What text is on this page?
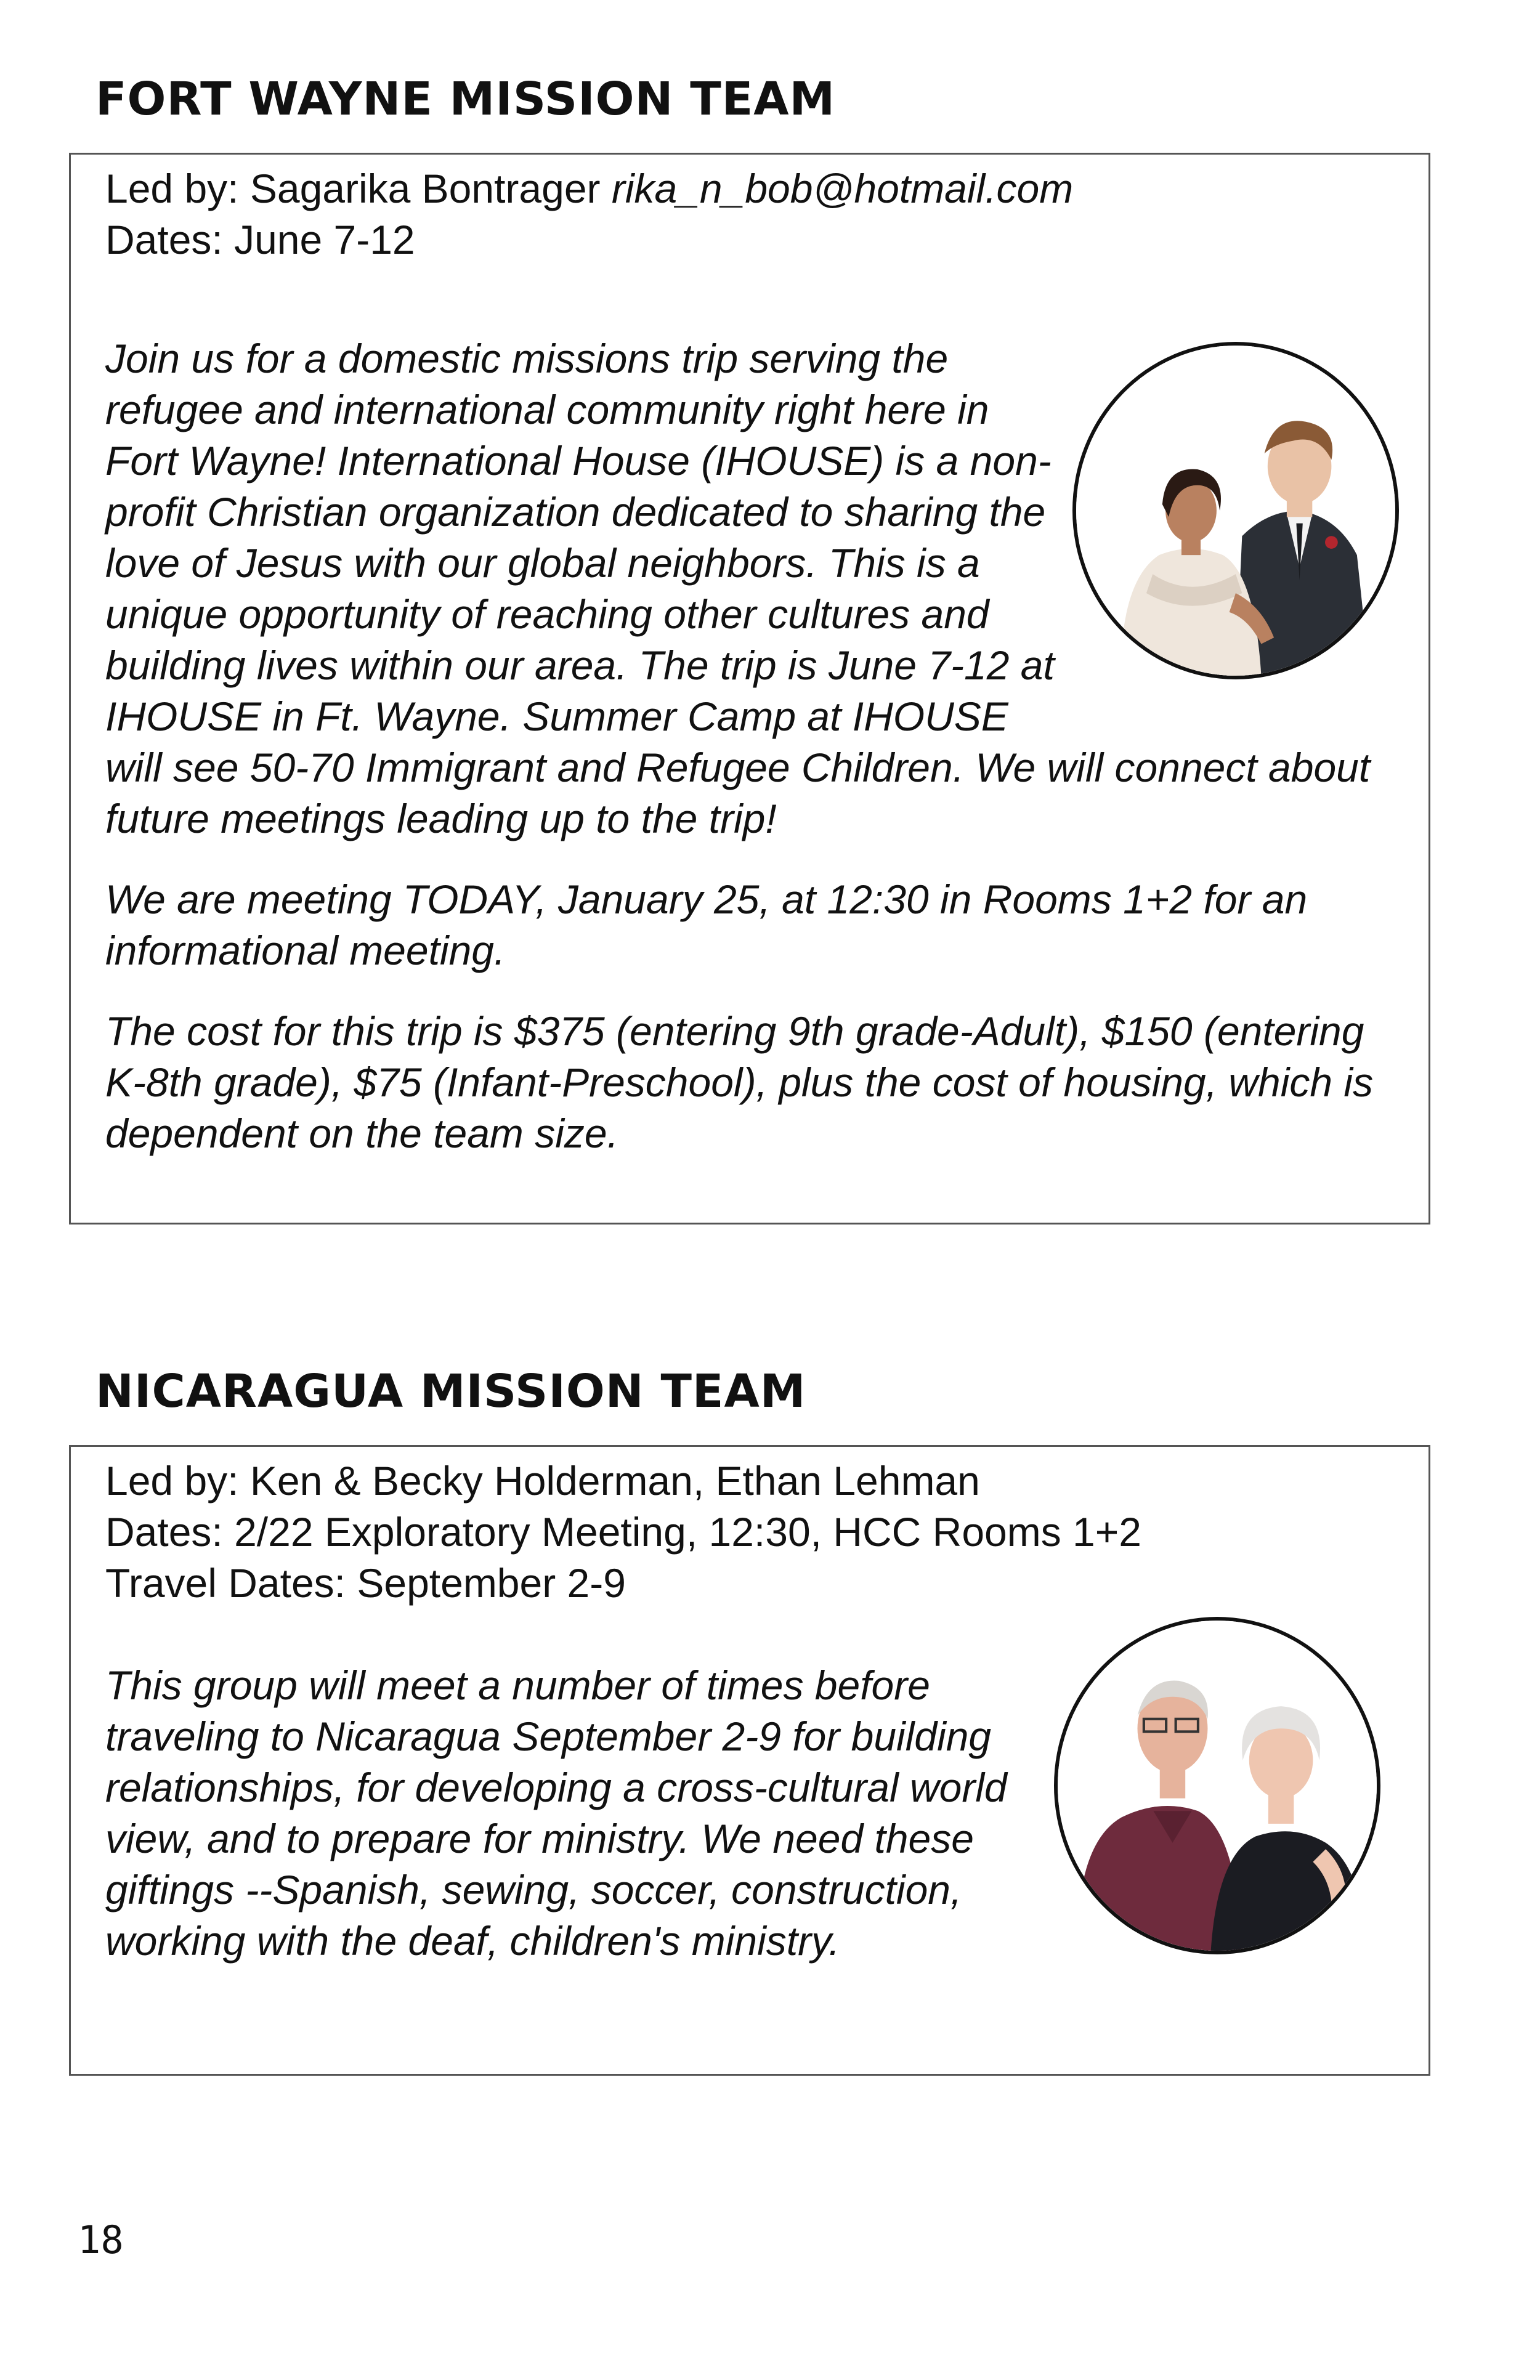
FORT WAYNE MISSION TEAM
Led by: Sagarika Bontrager rika_n_bob@hotmail.com
Dates: June 7-12

Join us for a domestic missions trip serving the refugee and international community right here in Fort Wayne! International House (IHOUSE) is a non-profit Christian organization dedicated to sharing the love of Jesus with our global neighbors. This is a unique opportunity of reaching other cultures and building lives within our area. The trip is June 7-12 at IHOUSE in Ft. Wayne. Summer Camp at IHOUSE will see 50-70 Immigrant and Refugee Children. We will connect about future meetings leading up to the trip!

We are meeting TODAY, January 25, at 12:30 in Rooms 1+2 for an informational meeting.

The cost for this trip is $375 (entering 9th grade-Adult), $150 (entering K-8th grade), $75 (Infant-Preschool), plus the cost of housing, which is dependent on the team size.

NICARAGUA MISSION TEAM
Led by: Ken & Becky Holderman, Ethan Lehman
Dates: 2/22 Exploratory Meeting, 12:30, HCC Rooms 1+2
Travel Dates: September 2-9

This group will meet a number of times before traveling to Nicaragua September 2-9 for building relationships, for developing a cross-cultural world view, and to prepare for ministry. We need these giftings --Spanish, sewing, soccer, construction, working with the deaf, children's ministry.

18
